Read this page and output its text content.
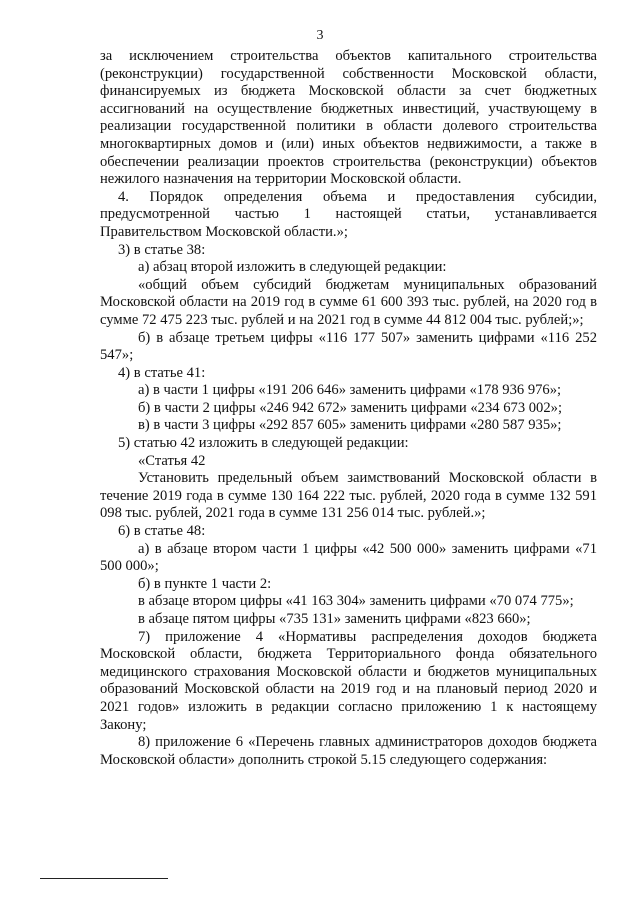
3

за исключением строительства объектов капитального строительства (реконструкции) государственной собственности Московской области, финансируемых из бюджета Московской области за счет бюджетных ассигнований на осуществление бюджетных инвестиций, участвующему в реализации государственной политики в области долевого строительства многоквартирных домов и (или) иных объектов недвижимости, а также в обеспечении реализации проектов строительства (реконструкции) объектов нежилого назначения на территории Московской области.

4. Порядок определения объема и предоставления субсидии, предусмотренной частью 1 настоящей статьи, устанавливается Правительством Московской области.»;

3) в статье 38:

а) абзац второй изложить в следующей редакции:

«общий объем субсидий бюджетам муниципальных образований Московской области на 2019 год в сумме 61 600 393 тыс. рублей, на 2020 год в сумме 72 475 223 тыс. рублей и на 2021 год в сумме 44 812 004 тыс. рублей;»;

б) в абзаце третьем цифры «116 177 507» заменить цифрами «116 252 547»;

4) в статье 41:

а) в части 1 цифры «191 206 646» заменить цифрами «178 936 976»;

б) в части 2 цифры «246 942 672» заменить цифрами «234 673 002»;

в) в части 3 цифры «292 857 605» заменить цифрами «280 587 935»;

5) статью 42 изложить в следующей редакции:

«Статья 42

Установить предельный объем заимствований Московской области в течение 2019 года в сумме 130 164 222 тыс. рублей, 2020 года в сумме 132 591 098 тыс. рублей, 2021 года в сумме 131 256 014 тыс. рублей.»;

6) в статье 48:

а) в абзаце втором части 1 цифры «42 500 000» заменить цифрами «71 500 000»;

б) в пункте 1 части 2:

в абзаце втором цифры «41 163 304» заменить цифрами «70 074 775»;

в абзаце пятом цифры «735 131» заменить цифрами «823 660»;

7) приложение 4 «Нормативы распределения доходов бюджета Московской области, бюджета Территориального фонда обязательного медицинского страхования Московской области и бюджетов муниципальных образований Московской области на 2019 год и на плановый период 2020 и 2021 годов» изложить в редакции согласно приложению 1 к настоящему Закону;

8) приложение 6 «Перечень главных администраторов доходов бюджета Московской области» дополнить строкой 5.15 следующего содержания:
